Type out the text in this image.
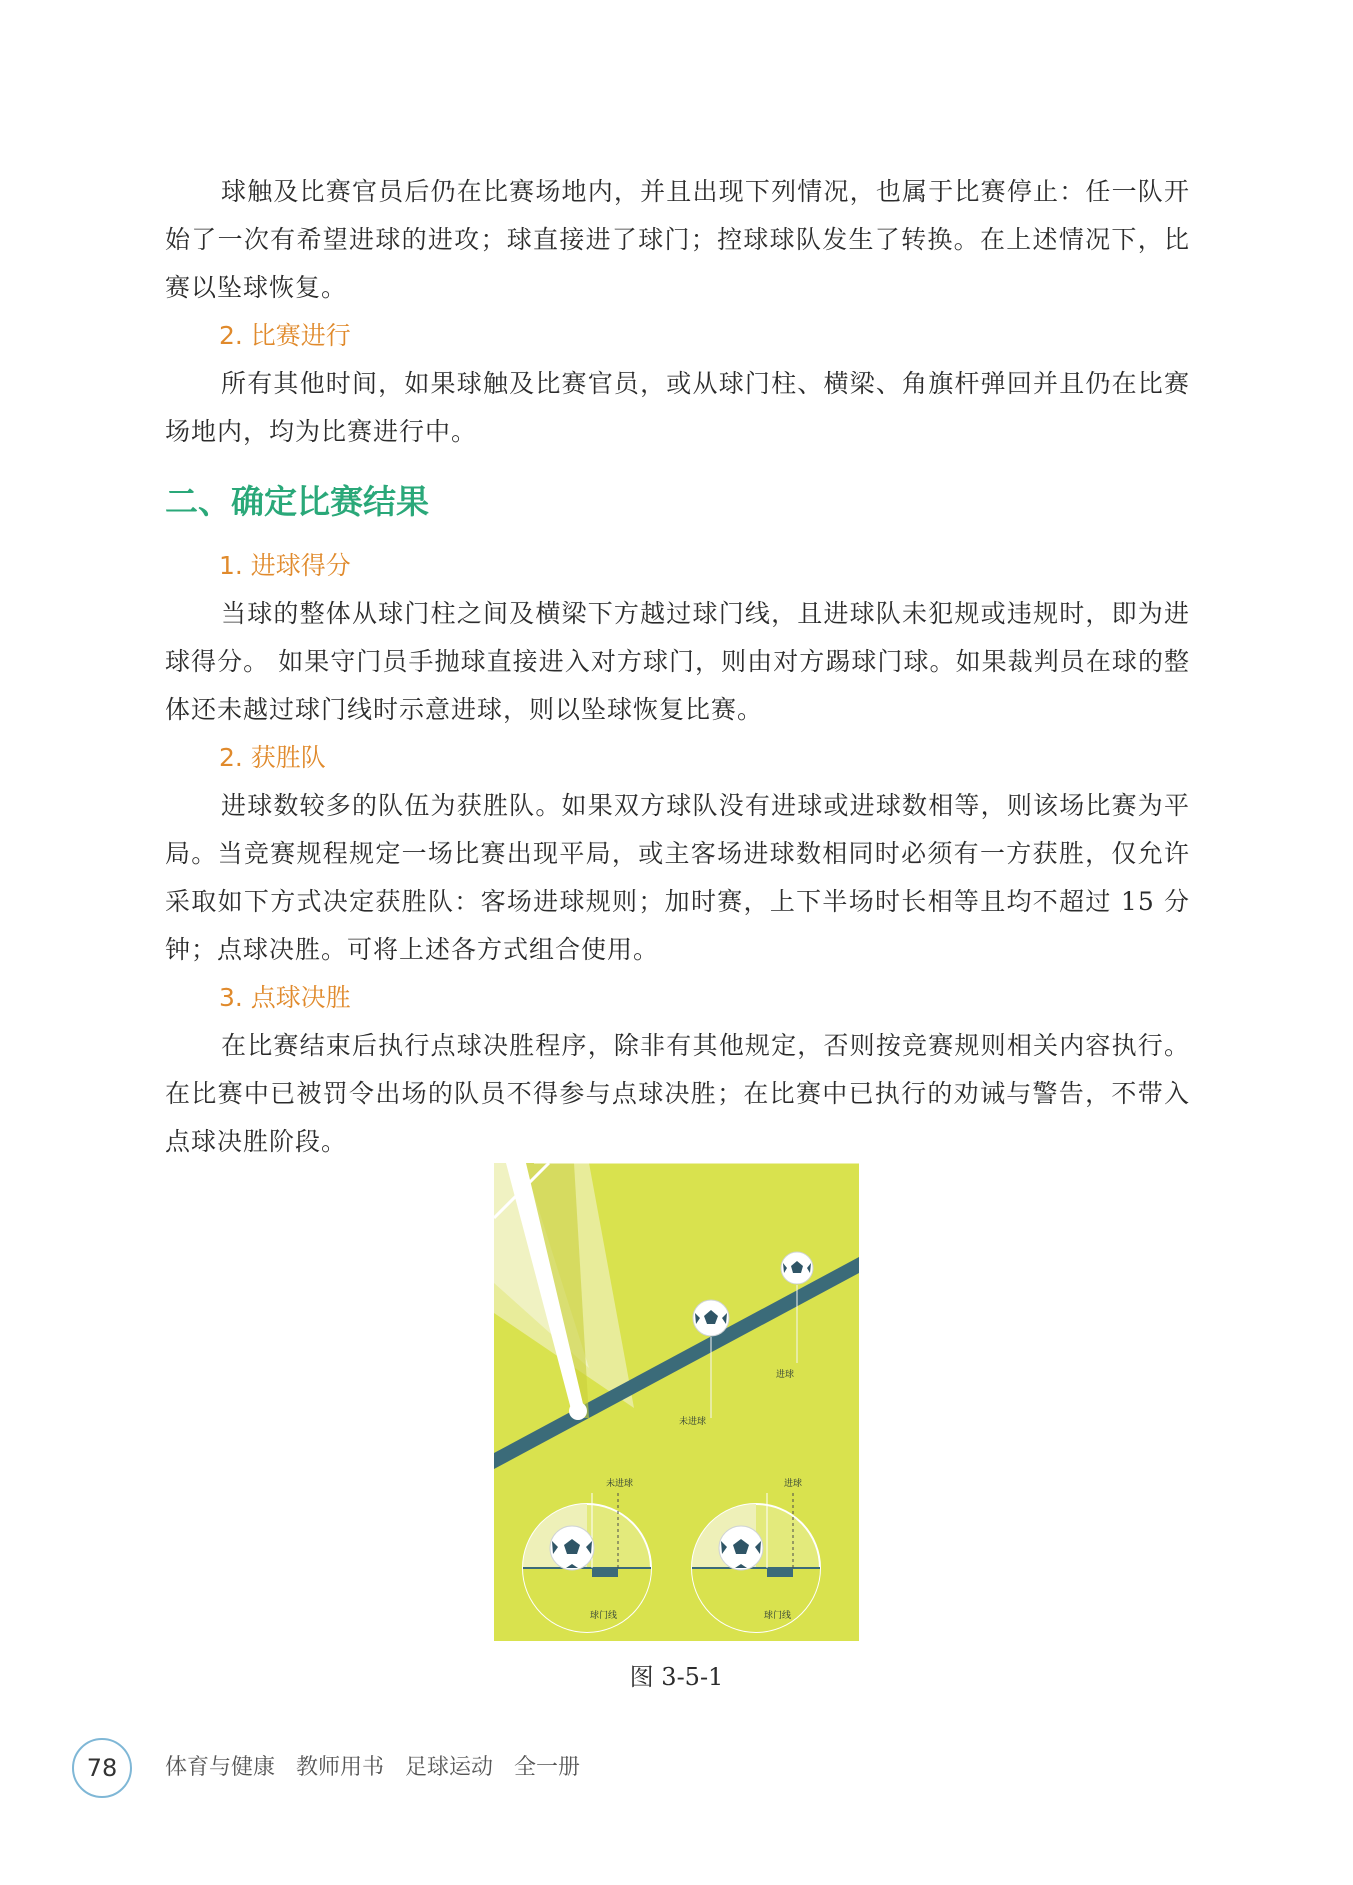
球触及比赛官员后仍在比赛场地内，并且出现下列情况，也属于比赛停止：任一队开始了一次有希望进球的进攻；球直接进了球门；控球球队发生了转换。在上述情况下，比赛以坠球恢复。

2. 比赛进行

所有其他时间，如果球触及比赛官员，或从球门柱、横梁、角旗杆弹回并且仍在比赛场地内，均为比赛进行中。

二、确定比赛结果
1. 进球得分

当球的整体从球门柱之间及横梁下方越过球门线，且进球队未犯规或违规时，即为进球得分。 如果守门员手抛球直接进入对方球门，则由对方踢球门球。如果裁判员在球的整体还未越过球门线时示意进球，则以坠球恢复比赛。

2. 获胜队

进球数较多的队伍为获胜队。如果双方球队没有进球或进球数相等，则该场比赛为平局。当竞赛规程规定一场比赛出现平局，或主客场进球数相同时必须有一方获胜，仅允许采取如下方式决定获胜队：客场进球规则；加时赛，上下半场时长相等且均不超过 15 分钟；点球决胜。可将上述各方式组合使用。

3. 点球决胜

在比赛结束后执行点球决胜程序，除非有其他规定，否则按竞赛规则相关内容执行。在比赛中已被罚令出场的队员不得参与点球决胜；在比赛中已执行的劝诫与警告，不带入点球决胜阶段。

进球
未进球
未进球
球门线
进球
球门线
图 3-5-1
78	体育与健康 教师用书 足球运动 全一册
